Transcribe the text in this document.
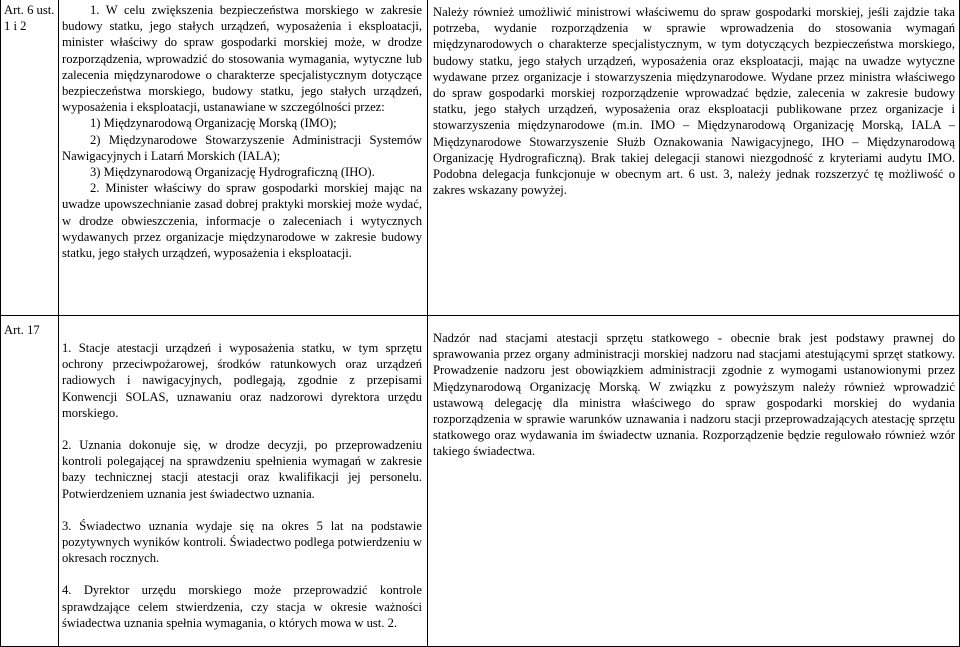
Art. 6 ust. 1 i 2

1. W celu zwiększenia bezpieczeństwa morskiego w zakresie budowy statku, jego stałych urządzeń, wyposażenia i eksploatacji, minister właściwy do spraw gospodarki morskiej może, w drodze rozporządzenia, wprowadzić do stosowania wymagania, wytyczne lub zalecenia międzynarodowe o charakterze specjalistycznym dotyczące bezpieczeństwa morskiego, budowy statku, jego stałych urządzeń, wyposażenia i eksploatacji, ustanawiane w szczególności przez:

1) Międzynarodową Organizację Morską (IMO);

2) Międzynarodowe Stowarzyszenie Administracji Systemów Nawigacyjnych i Latarń Morskich (IALA);

3) Międzynarodową Organizację Hydrograficzną (IHO).

2. Minister właściwy do spraw gospodarki morskiej mając na uwadze upowszechnianie zasad dobrej praktyki morskiej może wydać, w drodze obwieszczenia, informacje o zaleceniach i wytycznych wydawanych przez organizacje międzynarodowe w zakresie budowy statku, jego stałych urządzeń, wyposażenia i eksploatacji.

Należy również umożliwić ministrowi właściwemu do spraw gospodarki morskiej, jeśli zajdzie taka potrzeba, wydanie rozporządzenia w sprawie wprowadzenia do stosowania wymagań międzynarodowych o charakterze specjalistycznym, w tym dotyczących bezpieczeństwa morskiego, budowy statku, jego stałych urządzeń, wyposażenia oraz eksploatacji, mając na uwadze wytyczne wydawane przez organizacje i stowarzyszenia międzynarodowe. Wydane przez ministra właściwego do spraw gospodarki morskiej rozporządzenie wprowadzać będzie, zalecenia w zakresie budowy statku, jego stałych urządzeń, wyposażenia oraz eksploatacji publikowane przez organizacje i stowarzyszenia międzynarodowe (m.in. IMO – Międzynarodową Organizację Morską, IALA – Międzynarodowe Stowarzyszenie Służb Oznakowania Nawigacyjnego, IHO – Międzynarodową Organizację Hydrograficzną). Brak takiej delegacji stanowi niezgodność z kryteriami audytu IMO. Podobna delegacja funkcjonuje w obecnym art. 6 ust. 3, należy jednak rozszerzyć tę możliwość o zakres wskazany powyżej.
Art. 17

1. Stacje atestacji urządzeń i wyposażenia statku, w tym sprzętu ochrony przeciwpożarowej, środków ratunkowych oraz urządzeń radiowych i nawigacyjnych, podlegają, zgodnie z przepisami Konwencji SOLAS, uznawaniu oraz nadzorowi dyrektora urzędu morskiego.

2. Uznania dokonuje się, w drodze decyzji, po przeprowadzeniu kontroli polegającej na sprawdzeniu spełnienia wymagań w zakresie bazy technicznej stacji atestacji oraz kwalifikacji jej personelu. Potwierdzeniem uznania jest świadectwo uznania.

3. Świadectwo uznania wydaje się na okres 5 lat na podstawie pozytywnych wyników kontroli. Świadectwo podlega potwierdzeniu w okresach rocznych.

4. Dyrektor urzędu morskiego może przeprowadzić kontrole sprawdzające celem stwierdzenia, czy stacja w okresie ważności świadectwa uznania spełnia wymagania, o których mowa w ust. 2.

Nadzór nad stacjami atestacji sprzętu statkowego - obecnie brak jest podstawy prawnej do sprawowania przez organy administracji morskiej nadzoru nad stacjami atestującymi sprzęt statkowy. Prowadzenie nadzoru jest obowiązkiem administracji zgodnie z wymogami ustanowionymi przez Międzynarodową Organizację Morską. W związku z powyższym należy również wprowadzić ustawową delegację dla ministra właściwego do spraw gospodarki morskiej do wydania rozporządzenia w sprawie warunków uznawania i nadzoru stacji przeprowadzających atestację sprzętu statkowego oraz wydawania im świadectw uznania. Rozporządzenie będzie regulowało również wzór takiego świadectwa.
